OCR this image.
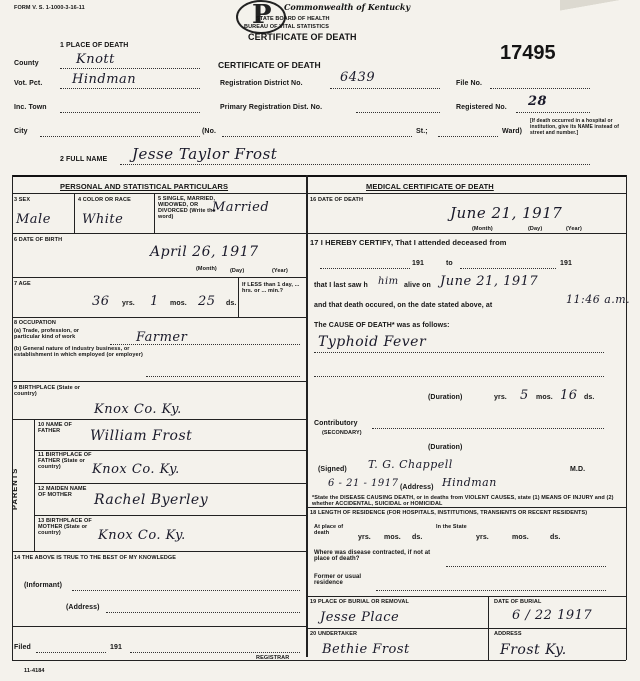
FORM V. S. 1-1000-3-16-11	P Commonwealth of Kentucky
STATE BOARD OF HEALTH
BUREAU OF VITAL STATISTICS
CERTIFICATE OF DEATH
17495
1 PLACE OF DEATH
County	Knott	CERTIFICATE OF DEATH
Vot. Pct. Hindman	Registration District No.	6439	File No.
Inc. Town	Primary Registration Dist. No.	Registered No. 28
City	(No.	St.;	Ward)
[If death occurred in a hospital or institution, give its NAME instead of street and number.]
2 FULL NAME Jesse Taylor Frost
PERSONAL AND STATISTICAL PARTICULARS	MEDICAL CERTIFICATE OF DEATH
3 SEX
Male
4 COLOR OR RACE
White
5 SINGLE, MARRIED, WIDOWED, OR DIVORCED (Write the word)
Married
6 DATE OF BIRTH
April 26, 1917
(Month) (Day)	(Year)
7 AGE
36 yrs. 1 mos. 25 ds.
If LESS than 1 day, ... hrs. or ... min.?
8 OCCUPATION
(a) Trade, profession, or particular kind of work	Farmer
(b) General nature of industry business, or establishment in which employed (or employer)
9 BIRTHPLACE (State or country)
Knox Co. Ky.
PARENTS
10 NAME OF FATHER	William Frost
11 BIRTHPLACE OF FATHER (State or country)	Knox Co. Ky.
12 MAIDEN NAME OF MOTHER	Rachel Byerley
13 BIRTHPLACE OF MOTHER (State or country)	Knox Co. Ky.
14 THE ABOVE IS TRUE TO THE BEST OF MY KNOWLEDGE
(Informant)
(Address)
Filed	191
REGISTRAR
11-4184
16 DATE OF DEATH
June 21, 1917
(Month)	(Day)	(Year)
17 I HEREBY CERTIFY, That I attended deceased from
191	to	191
that I last saw h him alive on June 21, 1917
and that death occured, on the date stated above, at	11:46 a.m.
The CAUSE OF DEATH* was as follows:
Typhoid Fever
(Duration)	yrs. 5 mos. 16 ds.
Contributory
(SECONDARY)
(Duration)
(Signed) T. G. Chappell	M.D.
6 - 21 - 1917 (Address) Hindman
*State the DISEASE CAUSING DEATH, or in deaths from VIOLENT CAUSES, state (1) MEANS OF INJURY and (2) whether ACCIDENTAL, SUICIDAL or HOMICIDAL
18 LENGTH OF RESIDENCE (FOR HOSPITALS, INSTITUTIONS, TRANSIENTS OR RECENT RESIDENTS)
At place of death
yrs. mos. ds.
In the State
yrs.	mos.	ds.
Where was disease contracted, if not at place of death?
Former or usual residence
19 PLACE OF BURIAL OR REMOVAL	DATE OF BURIAL
Jesse Place	6 / 22 1917
20 UNDERTAKER	ADDRESS
Bethie Frost	Frost Ky.
